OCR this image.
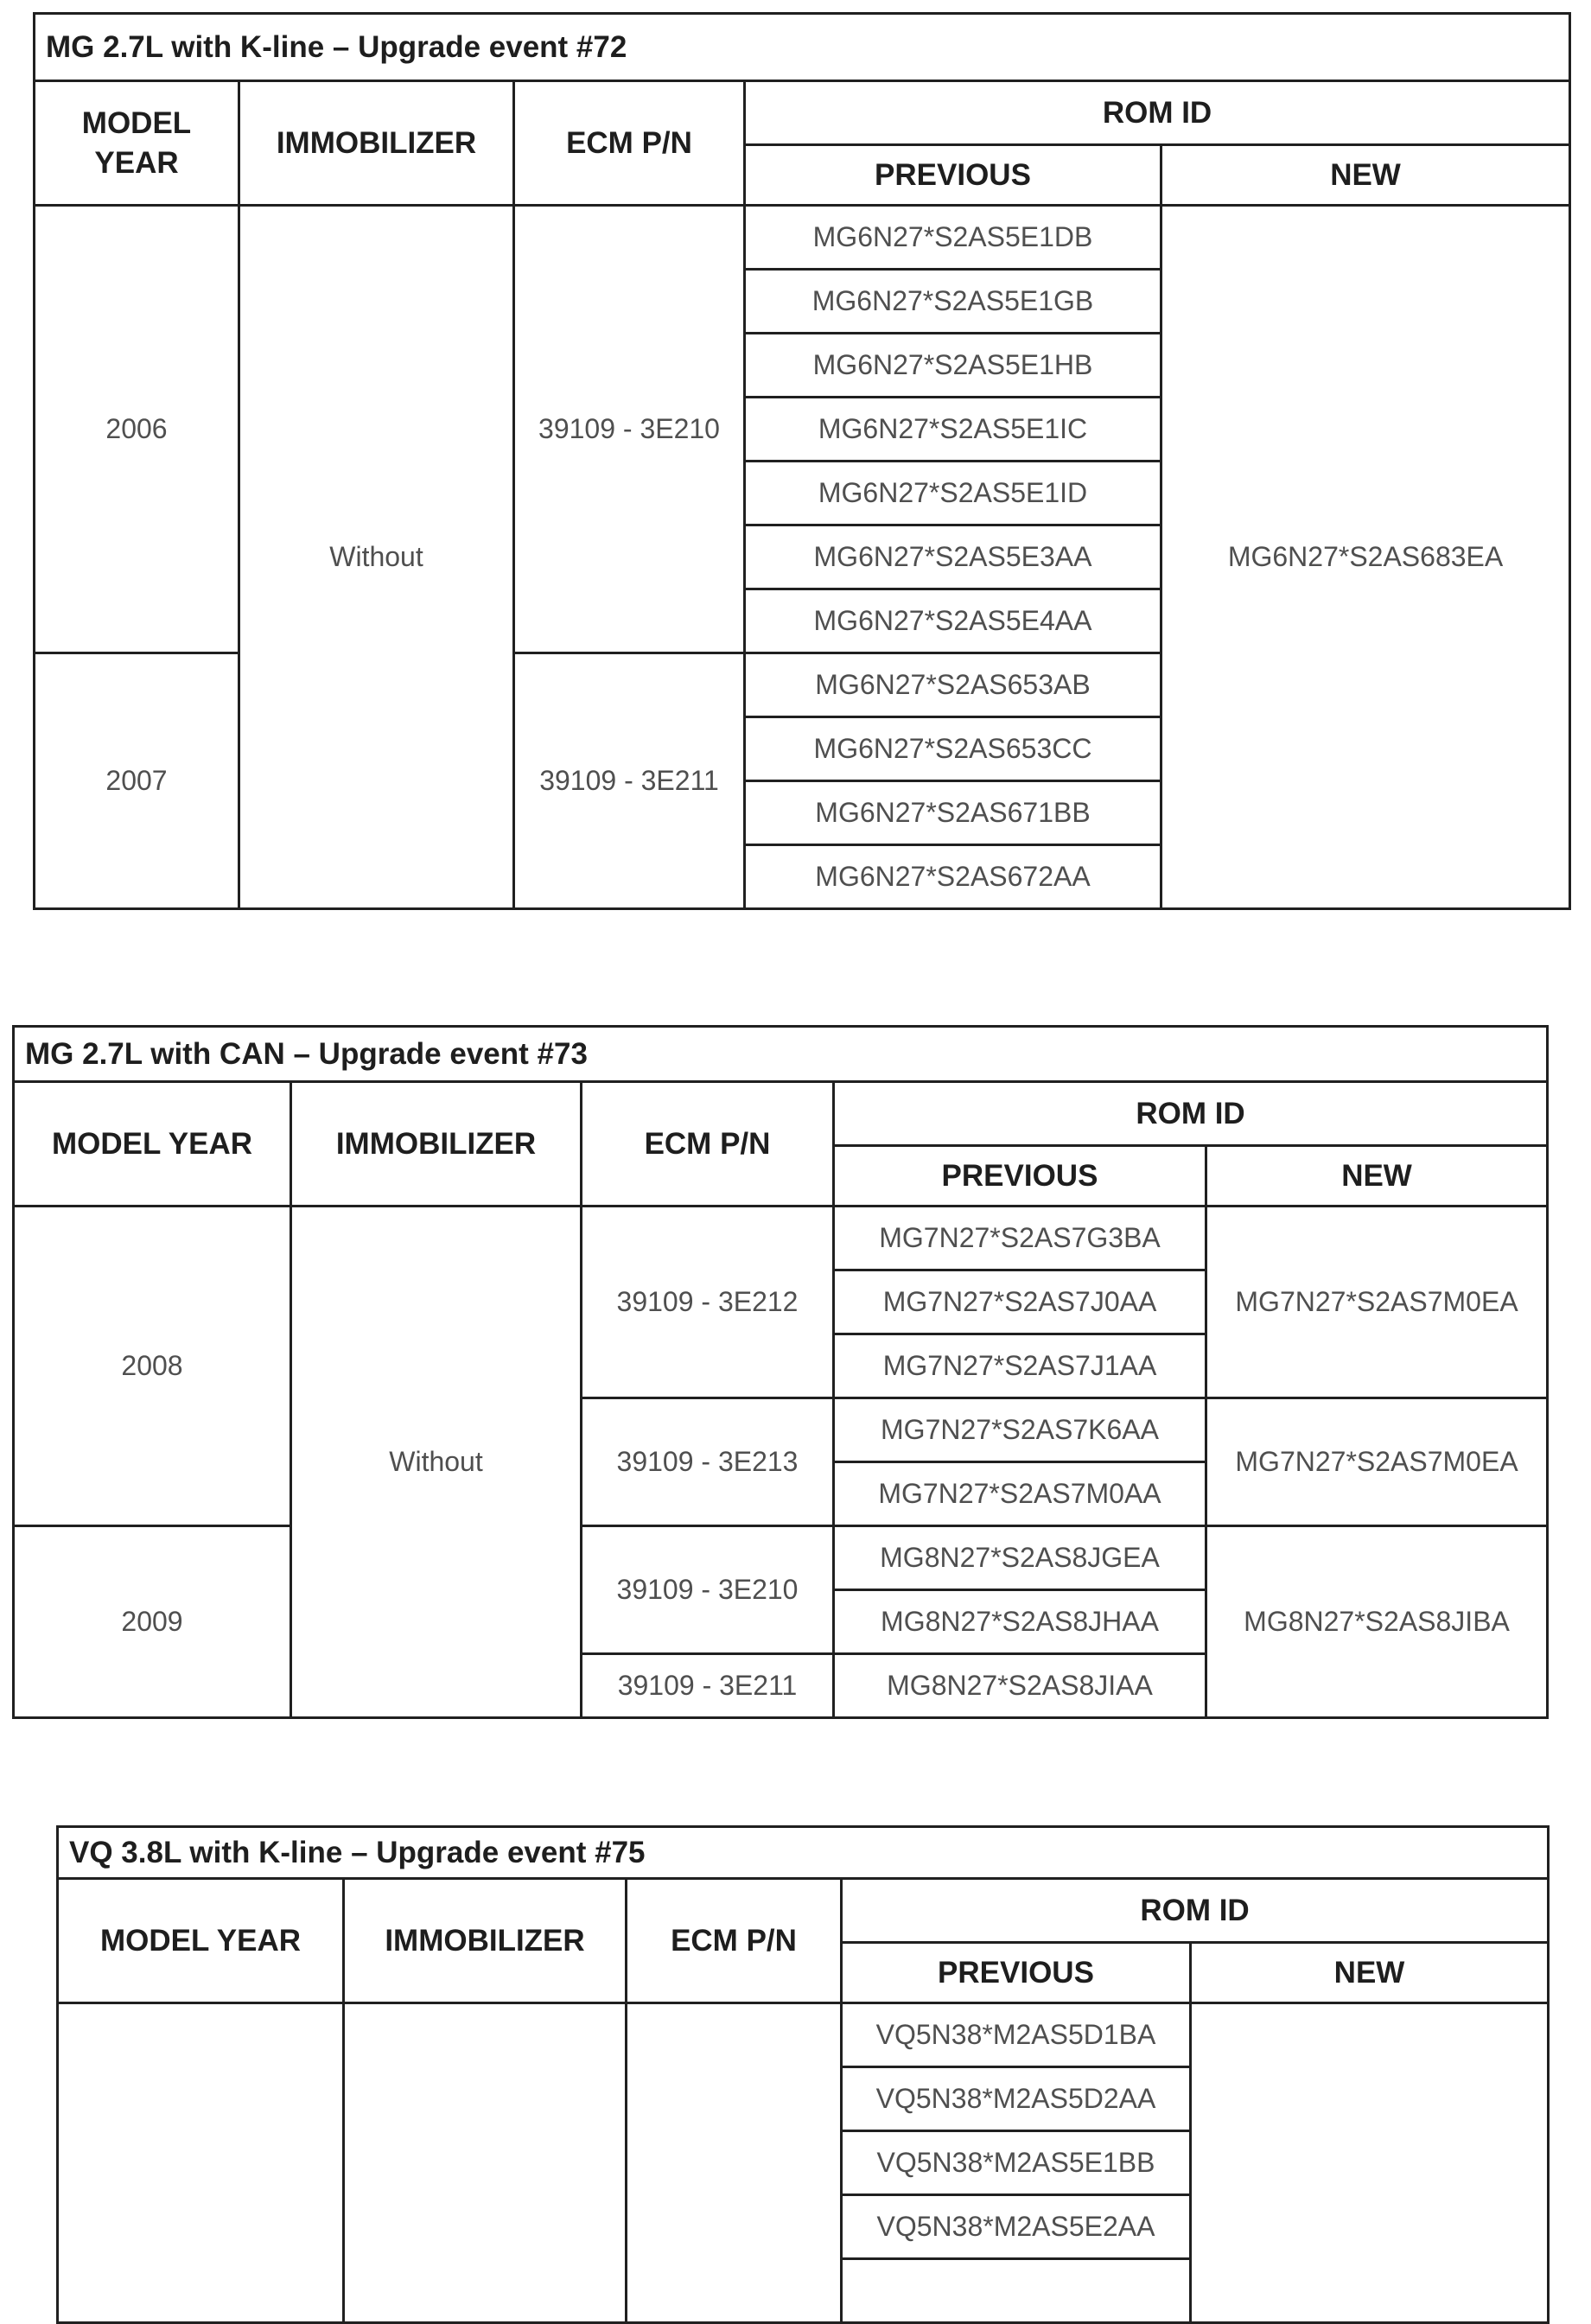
MG 2.7L with K-line – Upgrade event #72				

MODEL
YEAR	IMMOBILIZER	ECM P/N	ROM ID	
			PREVIOUS	NEW
2006	Without	39109 - 3E210	MG6N27*S2AS5E1DB	MG6N27*S2AS683EA
			MG6N27*S2AS5E1GB	
			MG6N27*S2AS5E1HB	
			MG6N27*S2AS5E1IC	
			MG6N27*S2AS5E1ID	
			MG6N27*S2AS5E3AA	
			MG6N27*S2AS5E4AA	
2007		39109 - 3E211	MG6N27*S2AS653AB	
			MG6N27*S2AS653CC	
			MG6N27*S2AS671BB	
			MG6N27*S2AS672AA	
MG 2.7L with CAN – Upgrade event #73				
MODEL YEAR	IMMOBILIZER	ECM P/N	ROM ID	
			PREVIOUS	NEW
2008	Without	39109 - 3E212	MG7N27*S2AS7G3BA	MG7N27*S2AS7M0EA
			MG7N27*S2AS7J0AA	
			MG7N27*S2AS7J1AA	
		39109 - 3E213	MG7N27*S2AS7K6AA	MG7N27*S2AS7M0EA
			MG7N27*S2AS7M0AA	
2009		39109 - 3E210	MG8N27*S2AS8JGEA	MG8N27*S2AS8JIBA
			MG8N27*S2AS8JHAA	
		39109 - 3E211	MG8N27*S2AS8JIAA	
VQ 3.8L with K-line – Upgrade event #75				
MODEL YEAR	IMMOBILIZER	ECM P/N	ROM ID	
			PREVIOUS	NEW
			VQ5N38*M2AS5D1BA	
			VQ5N38*M2AS5D2AA	
			VQ5N38*M2AS5E1BB	
			VQ5N38*M2AS5E2AA	
